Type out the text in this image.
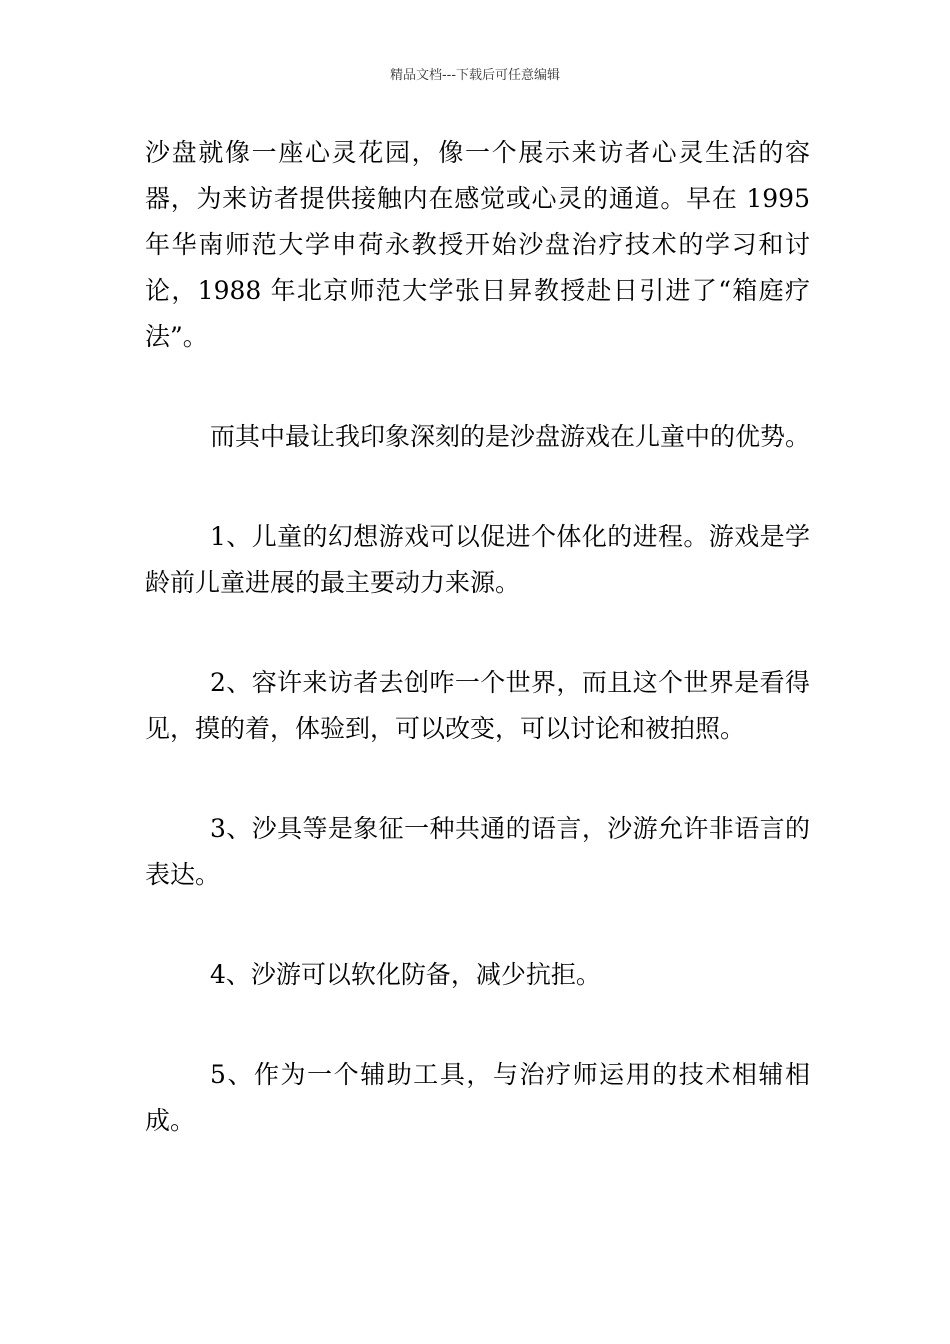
精品文档---下载后可任意编辑

沙盘就像一座心灵花园，像一个展示来访者心灵生活的容器，为来访者提供接触内在感觉或心灵的通道。早在 1995年华南师范大学申荷永教授开始沙盘治疗技术的学习和讨论，1988 年北京师范大学张日昇教授赴日引进了“箱庭疗法”。

而其中最让我印象深刻的是沙盘游戏在儿童中的优势。

1、儿童的幻想游戏可以促进个体化的进程。游戏是学龄前儿童进展的最主要动力来源。

2、容许来访者去创咋一个世界，而且这个世界是看得见，摸的着，体验到，可以改变，可以讨论和被拍照。

3、沙具等是象征一种共通的语言，沙游允许非语言的表达。

4、沙游可以软化防备，减少抗拒。

5、作为一个辅助工具，与治疗师运用的技术相辅相成。
